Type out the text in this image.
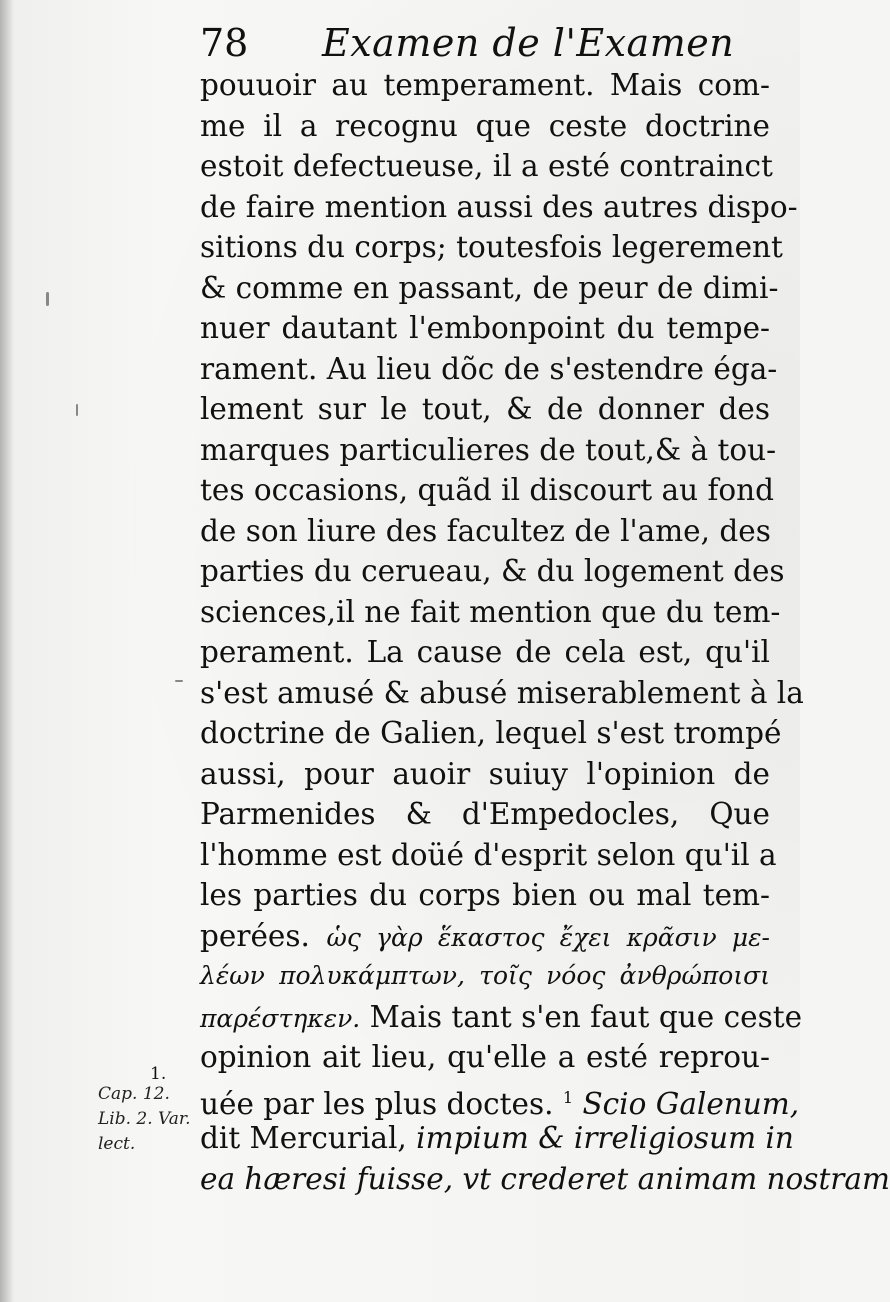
78 Examen de l'Examen
pouuoir au temperament. Mais com-
me il a recognu que ceste doctrine
estoit defectueuse, il a esté contrainct
de faire mention aussi des autres dispo-
sitions du corps; toutesfois legerement
& comme en passant, de peur de dimi-
nuer dautant l'embonpoint du tempe-
rament. Au lieu dõc de s'estendre éga-
lement sur le tout, & de donner des
marques particulieres de tout,& à tou-
tes occasions, quãd il discourt au fond
de son liure des facultez de l'ame, des
parties du cerueau, & du logement des
sciences,il ne fait mention que du tem-
perament. La cause de cela est, qu'il
s'est amusé & abusé miserablement à la
doctrine de Galien, lequel s'est trompé
aussi, pour auoir suiuy l'opinion de
Parmenides & d'Empedocles, Que
l'homme est doüé d'esprit selon qu'il a
les parties du corps bien ou mal tem-
perées. ὡς γὰρ ἕκαστος ἔχει κρᾶσιν με-
λέων πολυκάμπτων, τοῖς νόος ἀνθρώποισι
παρέστηκεν. Mais tant s'en faut que ceste
opinion ait lieu, qu'elle a esté reprou-
uée par les plus doctes. $^1$ Scio Galenum,
dit Mercurial, impium & irreligiosum in
ea hæresi fuisse, vt crederet animam nostram
1.
Cap. 12.
Lib. 2. Var.
lect.
